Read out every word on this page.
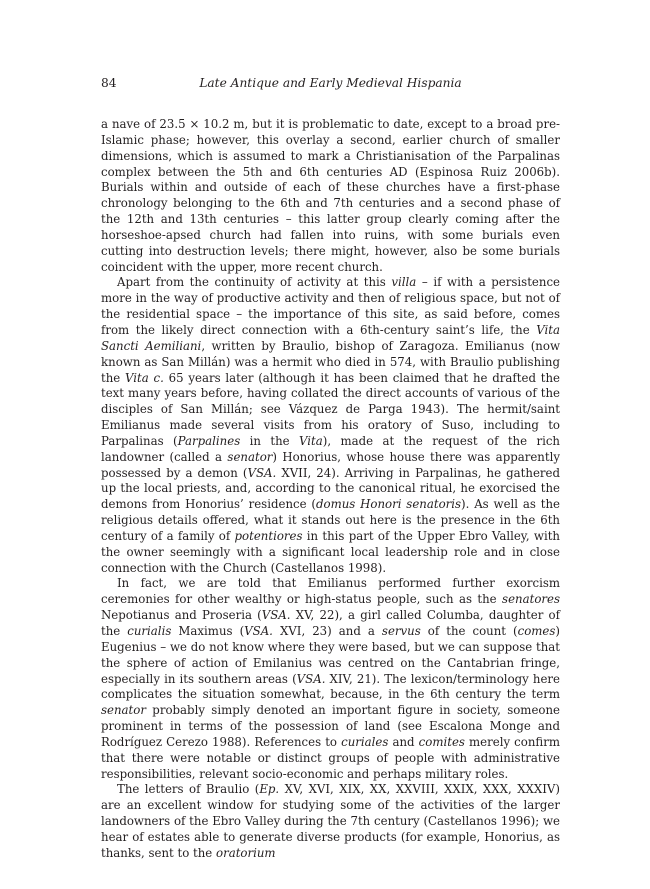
84	Late Antique and Early Medieval Hispania

a nave of 23.5 × 10.2 m, but it is problematic to date, except to a broad pre-Islamic phase; however, this overlay a second, earlier church of smaller dimensions, which is assumed to mark a Christianisation of the Parpalinas complex between the 5th and 6th centuries AD (Espinosa Ruiz 2006b). Burials within and outside of each of these churches have a first-phase chronology belonging to the 6th and 7th centuries and a second phase of the 12th and 13th centuries – this latter group clearly coming after the horseshoe-apsed church had fallen into ruins, with some burials even cutting into destruction levels; there might, however, also be some burials coincident with the upper, more recent church.

Apart from the continuity of activity at this villa – if with a persistence more in the way of productive activity and then of religious space, but not of the residential space – the importance of this site, as said before, comes from the likely direct connection with a 6th-century saint’s life, the Vita Sancti Aemiliani, written by Braulio, bishop of Zaragoza. Emilianus (now known as San Millán) was a hermit who died in 574, with Braulio publishing the Vita c. 65 years later (although it has been claimed that he drafted the text many years before, having collated the direct accounts of various of the disciples of San Millán; see Vázquez de Parga 1943). The hermit/saint Emilianus made several visits from his oratory of Suso, including to Parpalinas (Parpalines in the Vita), made at the request of the rich landowner (called a senator) Honorius, whose house there was apparently possessed by a demon (VSA. XVII, 24). Arriving in Parpalinas, he gathered up the local priests, and, according to the canonical ritual, he exorcised the demons from Honorius’ residence (domus Honori senatoris). As well as the religious details offered, what it stands out here is the presence in the 6th century of a family of potentiores in this part of the Upper Ebro Valley, with the owner seemingly with a significant local leadership role and in close connection with the Church (Castellanos 1998).

In fact, we are told that Emilianus performed further exorcism ceremonies for other wealthy or high-status people, such as the senatores Nepotianus and Proseria (VSA. XV, 22), a girl called Columba, daughter of the curialis Maximus (VSA. XVI, 23) and a servus of the count (comes) Eugenius – we do not know where they were based, but we can suppose that the sphere of action of Emilanius was centred on the Cantabrian fringe, especially in its southern areas (VSA. XIV, 21). The lexicon/terminology here complicates the situation somewhat, because, in the 6th century the term senator probably simply denoted an important figure in society, someone prominent in terms of the possession of land (see Escalona Monge and Rodríguez Cerezo 1988). References to curiales and comites merely confirm that there were notable or distinct groups of people with administrative responsibilities, relevant socio-economic and perhaps military roles.

The letters of Braulio (Ep. XV, XVI, XIX, XX, XXVIII, XXIX, XXX, XXXIV) are an excellent window for studying some of the activities of the larger landowners of the Ebro Valley during the 7th century (Castellanos 1996); we hear of estates able to generate diverse products (for example, Honorius, as thanks, sent to the oratorium
